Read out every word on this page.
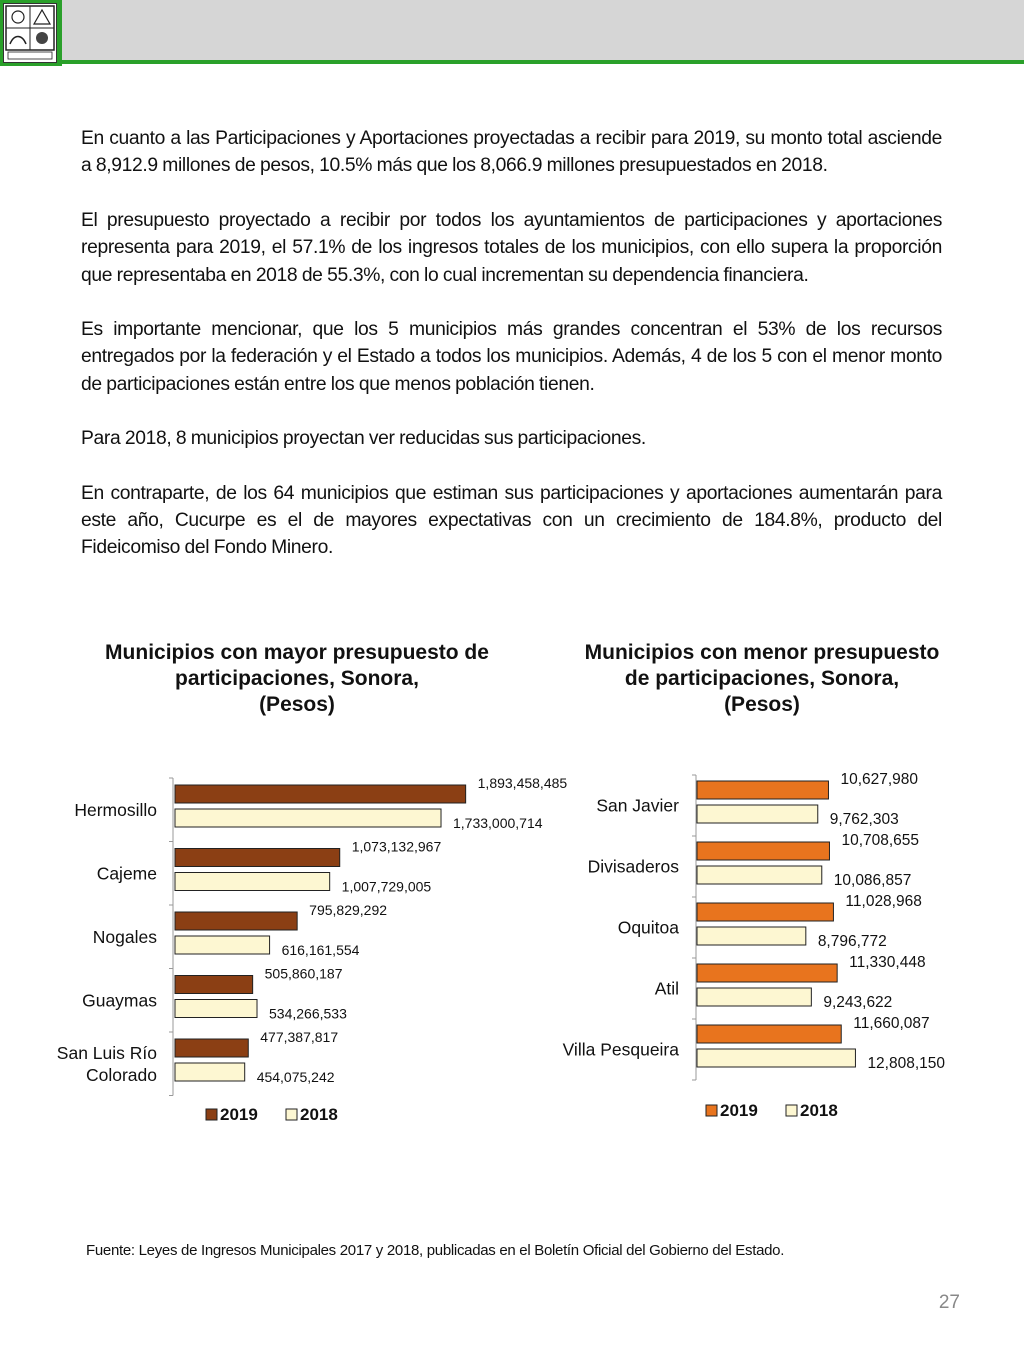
En cuanto a las Participaciones y Aportaciones proyectadas a recibir para 2019, su monto total asciende a 8,912.9 millones de pesos, 10.5% más que los 8,066.9 millones presupuestados en 2018.

El presupuesto proyectado a recibir por todos los ayuntamientos de participaciones y aportaciones representa para 2019, el 57.1% de los ingresos totales de los municipios, con ello supera la proporción que representaba en 2018 de 55.3%, con lo cual incrementan su dependencia financiera.

Es importante mencionar, que los 5 municipios más grandes concentran el 53% de los recursos entregados por la federación y el Estado a todos los municipios. Además, 4 de los 5 con el menor monto de participaciones están entre los que menos población tienen.

Para 2018, 8 municipios proyectan ver reducidas sus participaciones.

En contraparte, de los 64 municipios que estiman sus participaciones y aportaciones aumentarán para este año, Cucurpe es el de mayores expectativas con un crecimiento de 184.8%, producto del Fideicomiso del Fondo Minero.

Municipios con mayor presupuesto de
participaciones, Sonora,
(Pesos)
Municipios con menor presupuesto
de participaciones, Sonora,
(Pesos)
Hermosillo
1,893,458,485
1,733,000,714
Cajeme
1,073,132,967
1,007,729,005
Nogales
795,829,292
616,161,554
Guaymas
505,860,187
534,266,533
San Luis Río
Colorado
477,387,817
454,075,242
2019 2018
San Javier
10,627,980
9,762,303
Divisaderos
10,708,655
10,086,857
Oquitoa
11,028,968
8,796,772
Atil
11,330,448
9,243,622
Villa Pesqueira
11,660,087
12,808,150
2019 2018
Fuente: Leyes de Ingresos Municipales 2017 y 2018, publicadas en el Boletín Oficial del Gobierno del Estado.
27
